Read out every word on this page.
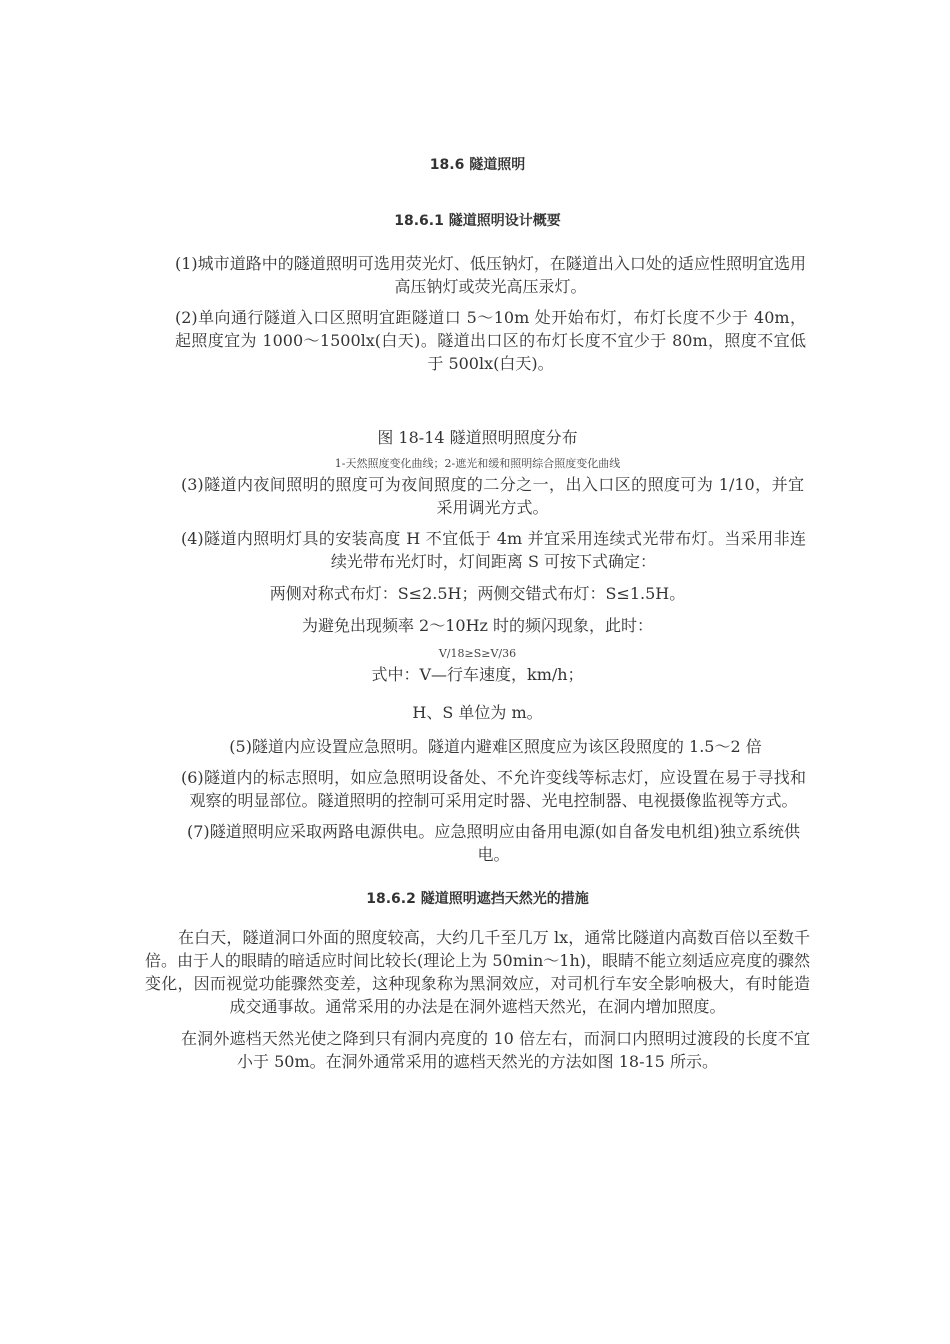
18.6 隧道照明
18.6.1 隧道照明设计概要
(1)城市道路中的隧道照明可选用荧光灯、低压钠灯，在隧道出入口处的适应性照明宜选用高压钠灯或荧光高压汞灯。
(2)单向通行隧道入口区照明宜距隧道口 5～10m 处开始布灯，布灯长度不少于 40m，起照度宜为 1000～1500lx(白天)。隧道出口区的布灯长度不宜少于 80m，照度不宜低于 500lx(白天)。
图 18-14 隧道照明照度分布
1-天然照度变化曲线；2-遮光和缓和照明综合照度变化曲线
(3)隧道内夜间照明的照度可为夜间照度的二分之一，出入口区的照度可为 1/10，并宜采用调光方式。
(4)隧道内照明灯具的安装高度 H 不宜低于 4m 并宜采用连续式光带布灯。当采用非连续光带布光灯时，灯间距离 S 可按下式确定：
两侧对称式布灯：S≤2.5H；两侧交错式布灯：S≤1.5H。
为避免出现频率 2～10Hz 时的频闪现象，此时：
V/18≥S≥V/36
式中：V—行车速度，km/h；
H、S 单位为 m。
(5)隧道内应设置应急照明。隧道内避难区照度应为该区段照度的 1.5～2 倍
(6)隧道内的标志照明，如应急照明设备处、不允许变线等标志灯，应设置在易于寻找和观察的明显部位。隧道照明的控制可采用定时器、光电控制器、电视摄像监视等方式。
(7)隧道照明应采取两路电源供电。应急照明应由备用电源(如自备发电机组)独立系统供电。
18.6.2 隧道照明遮挡天然光的措施
在白天，隧道洞口外面的照度较高，大约几千至几万 lx，通常比隧道内高数百倍以至数千倍。由于人的眼睛的暗适应时间比较长(理论上为 50min～1h)，眼睛不能立刻适应亮度的骤然变化，因而视觉功能骤然变差，这种现象称为黑洞效应，对司机行车安全影响极大，有时能造成交通事故。通常采用的办法是在洞外遮档天然光，在洞内增加照度。
在洞外遮档天然光使之降到只有洞内亮度的 10 倍左右，而洞口内照明过渡段的长度不宜小于 50m。在洞外通常采用的遮档天然光的方法如图 18-15 所示。
